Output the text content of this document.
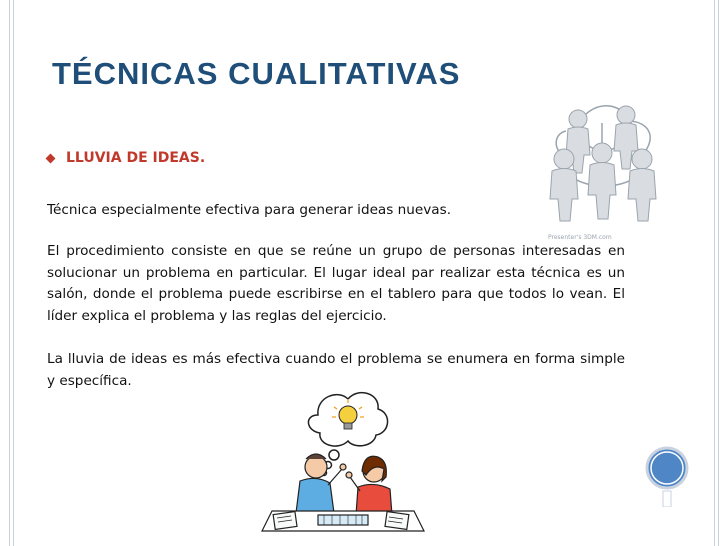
TÉCNICAS CUALITATIVAS
LLUVIA DE IDEAS.

Técnica especialmente efectiva para generar ideas nuevas.

El procedimiento consiste en que se reúne un grupo de personas interesadas en solucionar un problema en particular. El lugar ideal par realizar esta técnica es un salón, donde el problema puede escribirse en el tablero para que todos lo vean. El líder explica el problema y las reglas del ejercicio.

La lluvia de ideas es más efectiva cuando el problema se enumera en forma simple y específica.

Presenter's 3DM.com
